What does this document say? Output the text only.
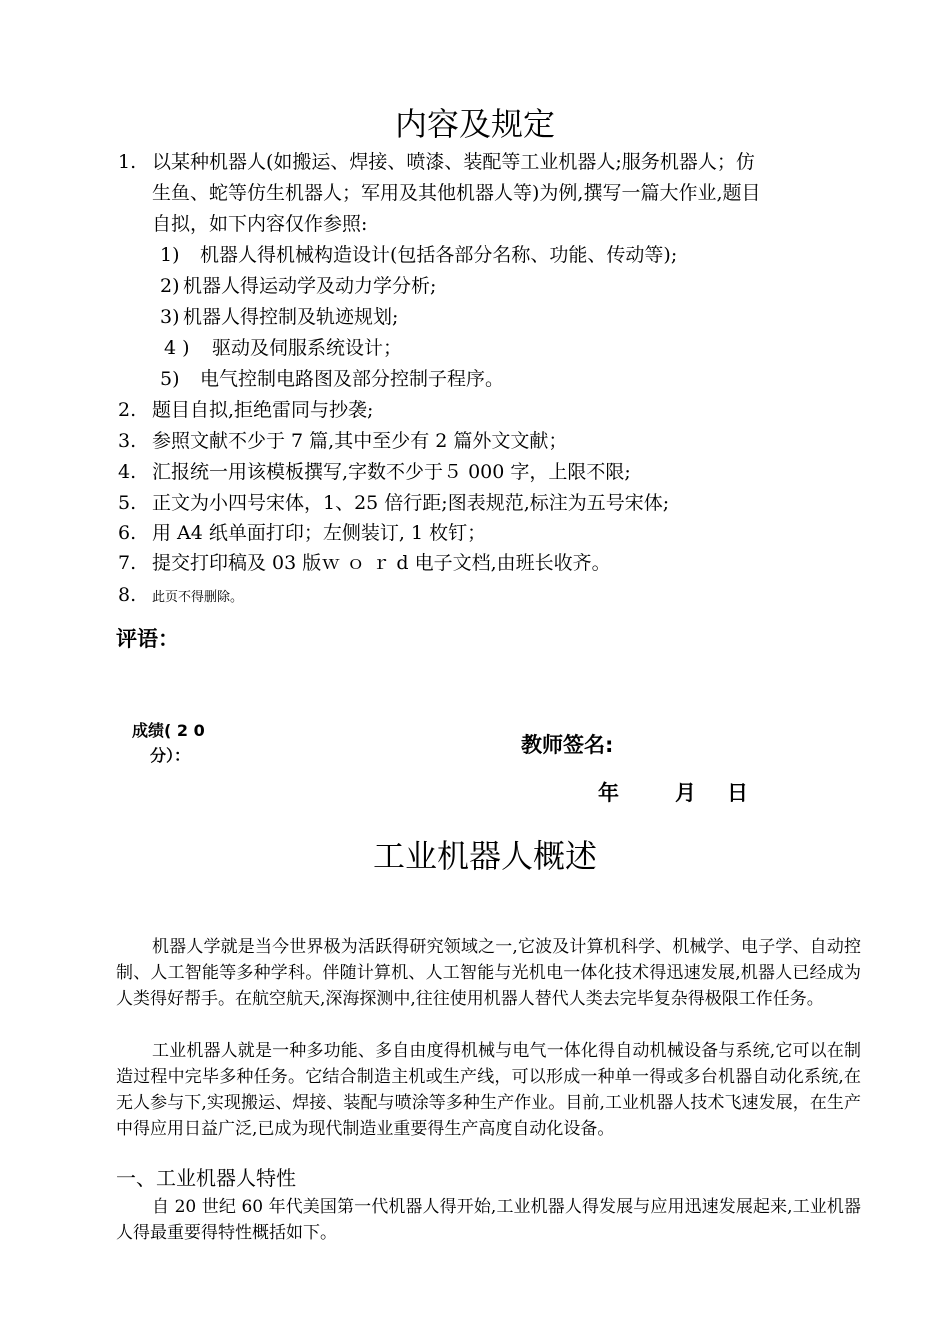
内容及规定
1. 以某种机器人(如搬运、焊接、喷漆、装配等工业机器人;服务机器人；仿
生鱼、蛇等仿生机器人；军用及其他机器人等)为例,撰写一篇大作业,题目
自拟，如下内容仅作参照:
1) 机器人得机械构造设计(包括各部分名称、功能、传动等);
2) 机器人得运动学及动力学分析;
3) 机器人得控制及轨迹规划;
4 ) 驱动及伺服系统设计；
5) 电气控制电路图及部分控制子程序。
2. 题目自拟,拒绝雷同与抄袭;
3. 参照文献不少于 7 篇,其中至少有 2 篇外文文献；
4. 汇报统一用该模板撰写,字数不少于５ 000 字，上限不限;
5. 正文为小四号宋体，1、25 倍行距;图表规范,标注为五号宋体;
6. 用 A4 纸单面打印；左侧装订, 1 枚钉；
7. 提交打印稿及 03 版ｗ ｏ ｒ d 电子文档,由班长收齐。
8. 此页不得删除。
评语：
成绩( 2 0
分）：	教师签名:
年	月 日
工业机器人概述

机器人学就是当今世界极为活跃得研究领域之一,它波及计算机科学、机械学、电子学、自动控制、人工智能等多种学科。伴随计算机、人工智能与光机电一体化技术得迅速发展,机器人已经成为人类得好帮手。在航空航天,深海探测中,往往使用机器人替代人类去完毕复杂得极限工作任务。

工业机器人就是一种多功能、多自由度得机械与电气一体化得自动机械设备与系统,它可以在制造过程中完毕多种任务。它结合制造主机或生产线，可以形成一种单一得或多台机器自动化系统,在无人参与下,实现搬运、焊接、装配与喷涂等多种生产作业。目前,工业机器人技术飞速发展，在生产中得应用日益广泛,已成为现代制造业重要得生产高度自动化设备。

一、工业机器人特性

自 20 世纪 60 年代美国第一代机器人得开始,工业机器人得发展与应用迅速发展起来,工业机器人得最重要得特性概括如下。
